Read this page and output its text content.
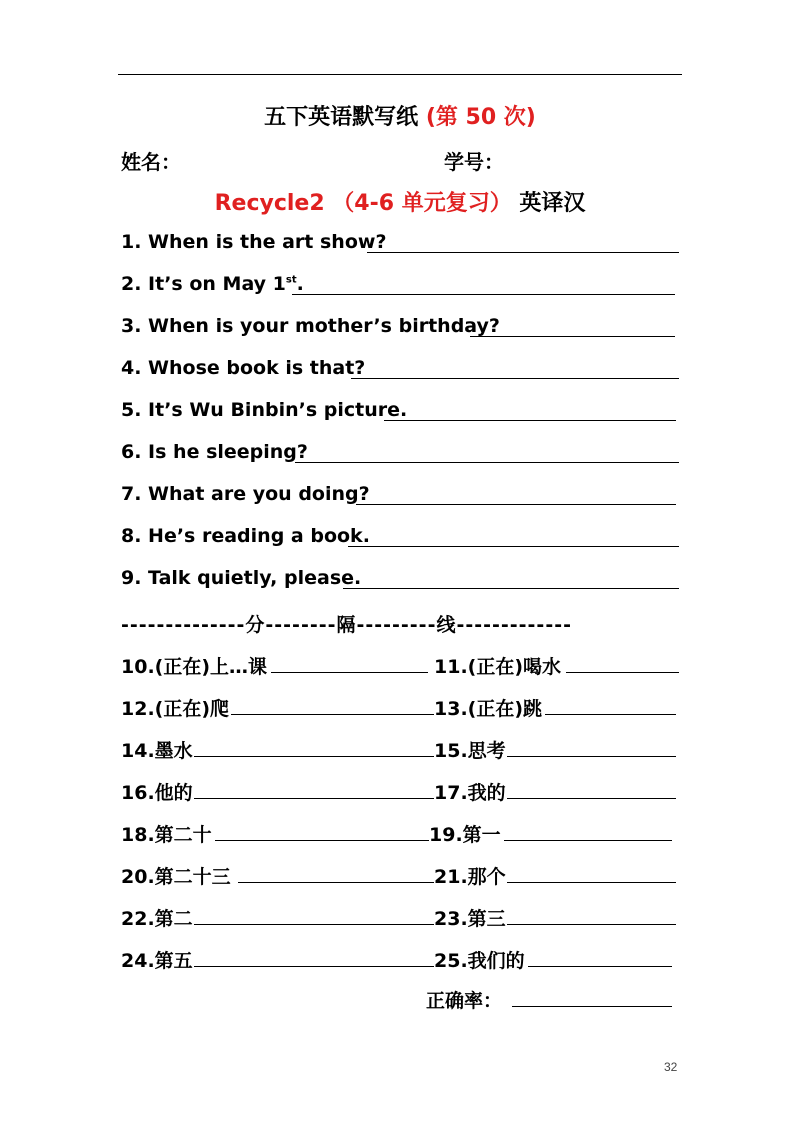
五下英语默写纸 (第 50 次)
姓名：	学号：
Recycle2 （4-6 单元复习） 英译汉
1. When is the art show?
2. It’s on May 1st.
3. When is your mother’s birthday?
4. Whose book is that?
5. It’s Wu Binbin’s picture.
6. Is he sleeping?
7. What are you doing?
8. He’s reading a book.
9. Talk quietly, please.
--------------分--------隔---------线-------------
10.(正在)上…课	11.(正在)喝水
12.(正在)爬	13.(正在)跳
14.墨水	15.思考
16.他的	17.我的
18.第二十	19.第一
20.第二十三	21.那个
22.第二	23.第三
24.第五	25.我们的
正确率：
32
